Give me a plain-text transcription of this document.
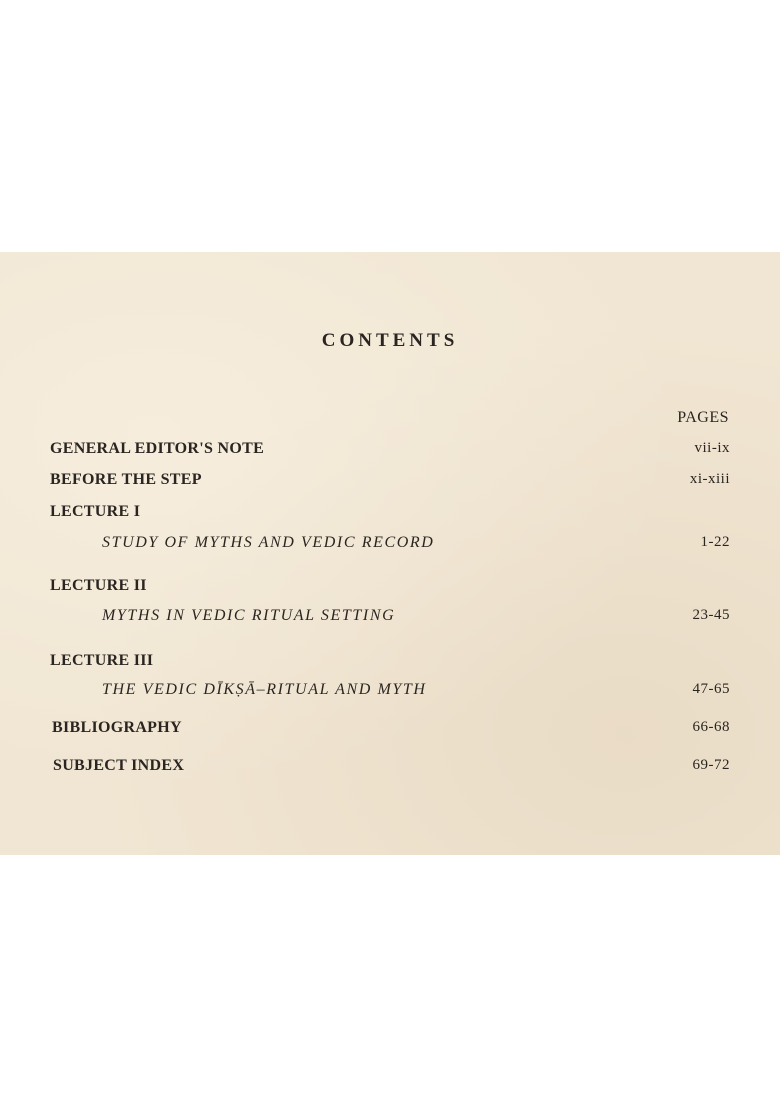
CONTENTS
PAGES
GENERAL EDITOR'S NOTE	vii-ix
BEFORE THE STEP	xi-xiii
LECTURE I
STUDY OF MYTHS AND VEDIC RECORD	1-22
LECTURE II
MYTHS IN VEDIC RITUAL SETTING	23-45
LECTURE III
THE VEDIC DĪKṢĀ–RITUAL AND MYTH	47-65
BIBLIOGRAPHY	66-68
SUBJECT INDEX	69-72
